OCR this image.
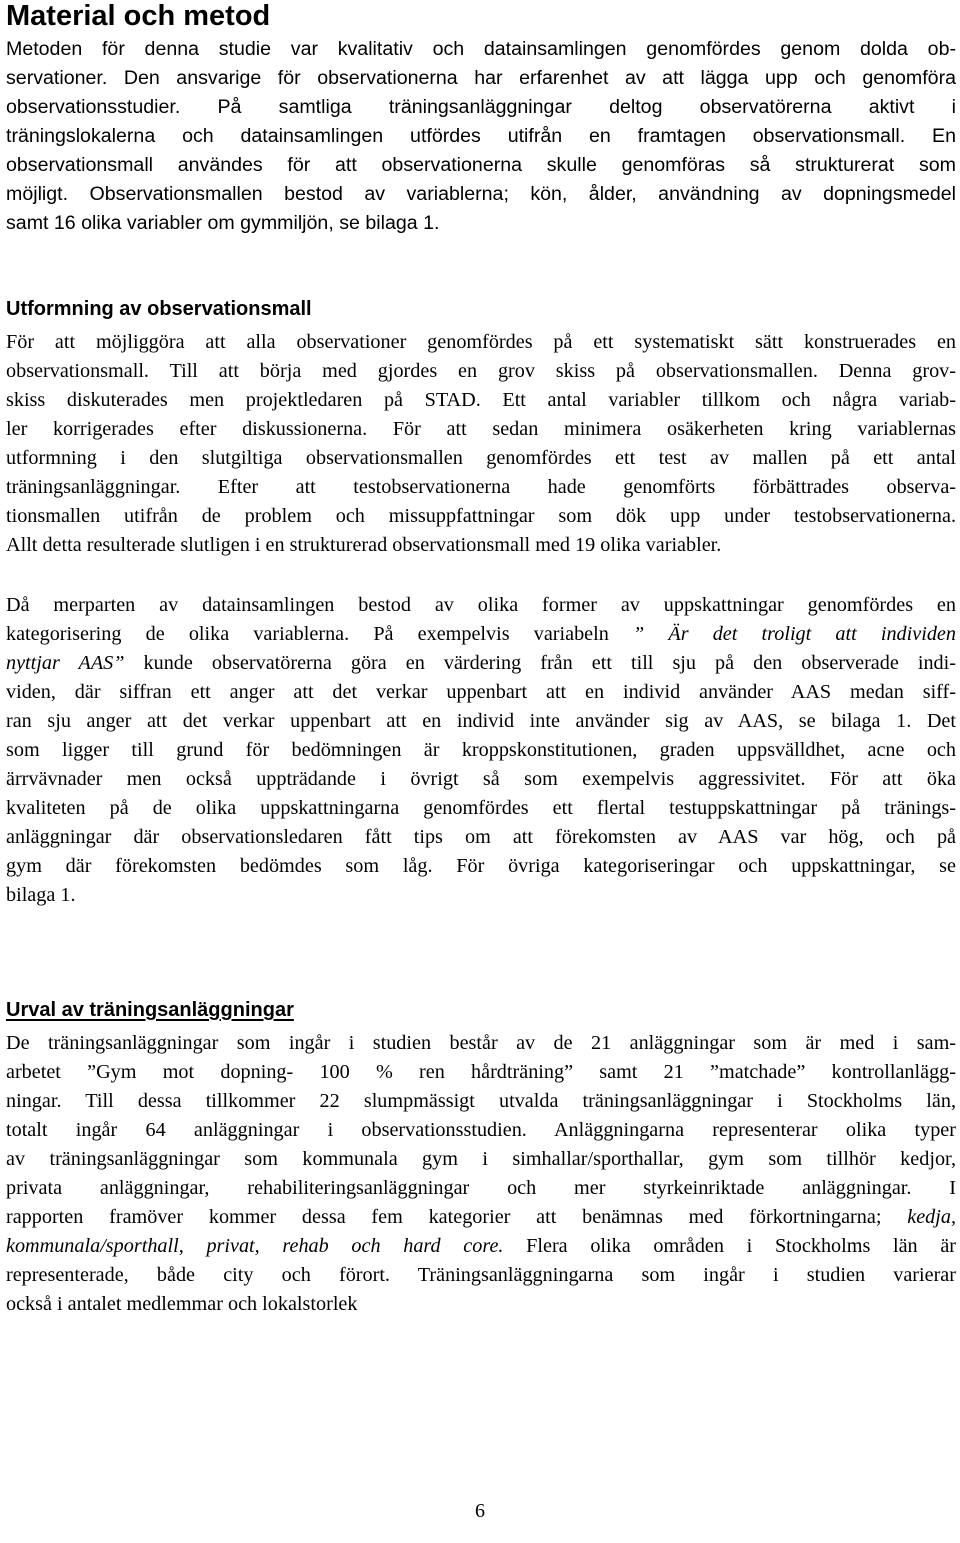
Material och metod

Metoden för denna studie var kvalitativ och datainsamlingen genomfördes genom dolda ob-
servationer. Den ansvarige för observationerna har erfarenhet av att lägga upp och genomföra
observationsstudier. På samtliga träningsanläggningar deltog observatörerna aktivt i
träningslokalerna och datainsamlingen utfördes utifrån en framtagen observationsmall. En
observationsmall användes för att observationerna skulle genomföras så strukturerat som
möjligt. Observationsmallen bestod av variablerna; kön, ålder, användning av dopningsmedel
samt 16 olika variabler om gymmiljön, se bilaga 1.

Utformning av observationsmall

För att möjliggöra att alla observationer genomfördes på ett systematiskt sätt konstruerades en
observationsmall. Till att börja med gjordes en grov skiss på observationsmallen. Denna grov-
skiss diskuterades men projektledaren på STAD. Ett antal variabler tillkom och några variab-
ler korrigerades efter diskussionerna. För att sedan minimera osäkerheten kring variablernas
utformning i den slutgiltiga observationsmallen genomfördes ett test av mallen på ett antal
träningsanläggningar. Efter att testobservationerna hade genomförts förbättrades observa-
tionsmallen utifrån de problem och missuppfattningar som dök upp under testobservationerna.
Allt detta resulterade slutligen i en strukturerad observationsmall med 19 olika variabler.

Då merparten av datainsamlingen bestod av olika former av uppskattningar genomfördes en
kategorisering de olika variablerna. På exempelvis variabeln ” Är det troligt att individen
nyttjar AAS” kunde observatörerna göra en värdering från ett till sju på den observerade indi-
viden, där siffran ett anger att det verkar uppenbart att en individ använder AAS medan siff-
ran sju anger att det verkar uppenbart att en individ inte använder sig av AAS, se bilaga 1. Det
som ligger till grund för bedömningen är kroppskonstitutionen, graden uppsvälldhet, acne och
ärrvävnader men också uppträdande i övrigt så som exempelvis aggressivitet. För att öka
kvaliteten på de olika uppskattningarna genomfördes ett flertal testuppskattningar på tränings-
anläggningar där observationsledaren fått tips om att förekomsten av AAS var hög, och på
gym där förekomsten bedömdes som låg. För övriga kategoriseringar och uppskattningar, se
bilaga 1.

Urval av träningsanläggningar

De träningsanläggningar som ingår i studien består av de 21 anläggningar som är med i sam-
arbetet ”Gym mot dopning- 100 % ren hårdträning” samt 21 ”matchade” kontrollanlägg-
ningar. Till dessa tillkommer 22 slumpmässigt utvalda träningsanläggningar i Stockholms län,
totalt ingår 64 anläggningar i observationsstudien. Anläggningarna representerar olika typer
av träningsanläggningar som kommunala gym i simhallar/sporthallar, gym som tillhör kedjor,
privata anläggningar, rehabiliteringsanläggningar och mer styrkeinriktade anläggningar. I
rapporten framöver kommer dessa fem kategorier att benämnas med förkortningarna; kedja,
kommunala/sporthall, privat, rehab och hard core. Flera olika områden i Stockholms län är
representerade, både city och förort. Träningsanläggningarna som ingår i studien varierar
också i antalet medlemmar och lokalstorlek

6
